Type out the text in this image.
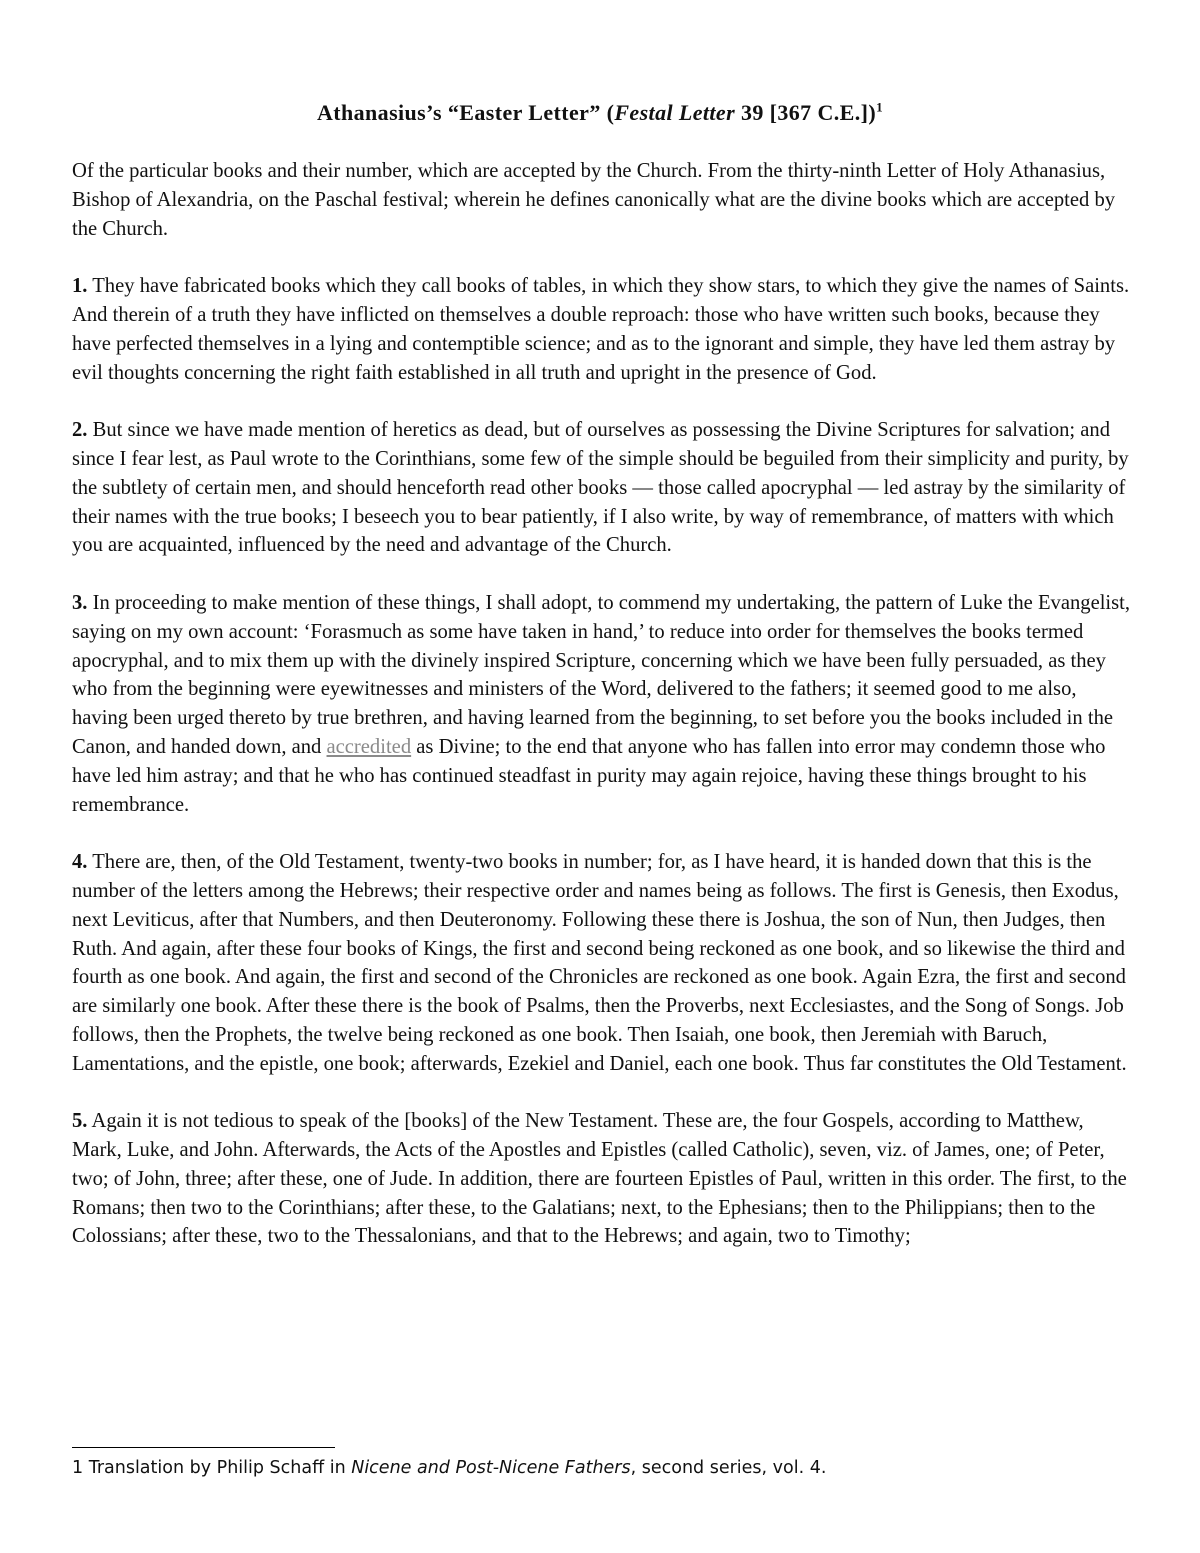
Athanasius’s “Easter Letter” (Festal Letter 39 [367 C.E.])$^1$

Of the particular books and their number, which are accepted by the Church. From the thirty-ninth Letter of Holy Athanasius, Bishop of Alexandria, on the Paschal festival; wherein he defines canonically what are the divine books which are accepted by the Church.

1. They have fabricated books which they call books of tables, in which they show stars, to which they give the names of Saints. And therein of a truth they have inflicted on themselves a double reproach: those who have written such books, because they have perfected themselves in a lying and contemptible science; and as to the ignorant and simple, they have led them astray by evil thoughts concerning the right faith established in all truth and upright in the presence of God.

2. But since we have made mention of heretics as dead, but of ourselves as possessing the Divine Scriptures for salvation; and since I fear lest, as Paul wrote to the Corinthians, some few of the simple should be beguiled from their simplicity and purity, by the subtlety of certain men, and should henceforth read other books — those called apocryphal — led astray by the similarity of their names with the true books; I beseech you to bear patiently, if I also write, by way of remembrance, of matters with which you are acquainted, influenced by the need and advantage of the Church.

3. In proceeding to make mention of these things, I shall adopt, to commend my undertaking, the pattern of Luke the Evangelist, saying on my own account: ‘Forasmuch as some have taken in hand,’ to reduce into order for themselves the books termed apocryphal, and to mix them up with the divinely inspired Scripture, concerning which we have been fully persuaded, as they who from the beginning were eyewitnesses and ministers of the Word, delivered to the fathers; it seemed good to me also, having been urged thereto by true brethren, and having learned from the beginning, to set before you the books included in the Canon, and handed down, and accredited as Divine; to the end that anyone who has fallen into error may condemn those who have led him astray; and that he who has continued steadfast in purity may again rejoice, having these things brought to his remembrance.

4. There are, then, of the Old Testament, twenty-two books in number; for, as I have heard, it is handed down that this is the number of the letters among the Hebrews; their respective order and names being as follows. The first is Genesis, then Exodus, next Leviticus, after that Numbers, and then Deuteronomy. Following these there is Joshua, the son of Nun, then Judges, then Ruth. And again, after these four books of Kings, the first and second being reckoned as one book, and so likewise the third and fourth as one book. And again, the first and second of the Chronicles are reckoned as one book. Again Ezra, the first and second are similarly one book. After these there is the book of Psalms, then the Proverbs, next Ecclesiastes, and the Song of Songs. Job follows, then the Prophets, the twelve being reckoned as one book. Then Isaiah, one book, then Jeremiah with Baruch, Lamentations, and the epistle, one book; afterwards, Ezekiel and Daniel, each one book. Thus far constitutes the Old Testament.

5. Again it is not tedious to speak of the [books] of the New Testament. These are, the four Gospels, according to Matthew, Mark, Luke, and John. Afterwards, the Acts of the Apostles and Epistles (called Catholic), seven, viz. of James, one; of Peter, two; of John, three; after these, one of Jude. In addition, there are fourteen Epistles of Paul, written in this order. The first, to the Romans; then two to the Corinthians; after these, to the Galatians; next, to the Ephesians; then to the Philippians; then to the Colossians; after these, two to the Thessalonians, and that to the Hebrews; and again, two to Timothy;

1 Translation by Philip Schaff in Nicene and Post-Nicene Fathers, second series, vol. 4.
